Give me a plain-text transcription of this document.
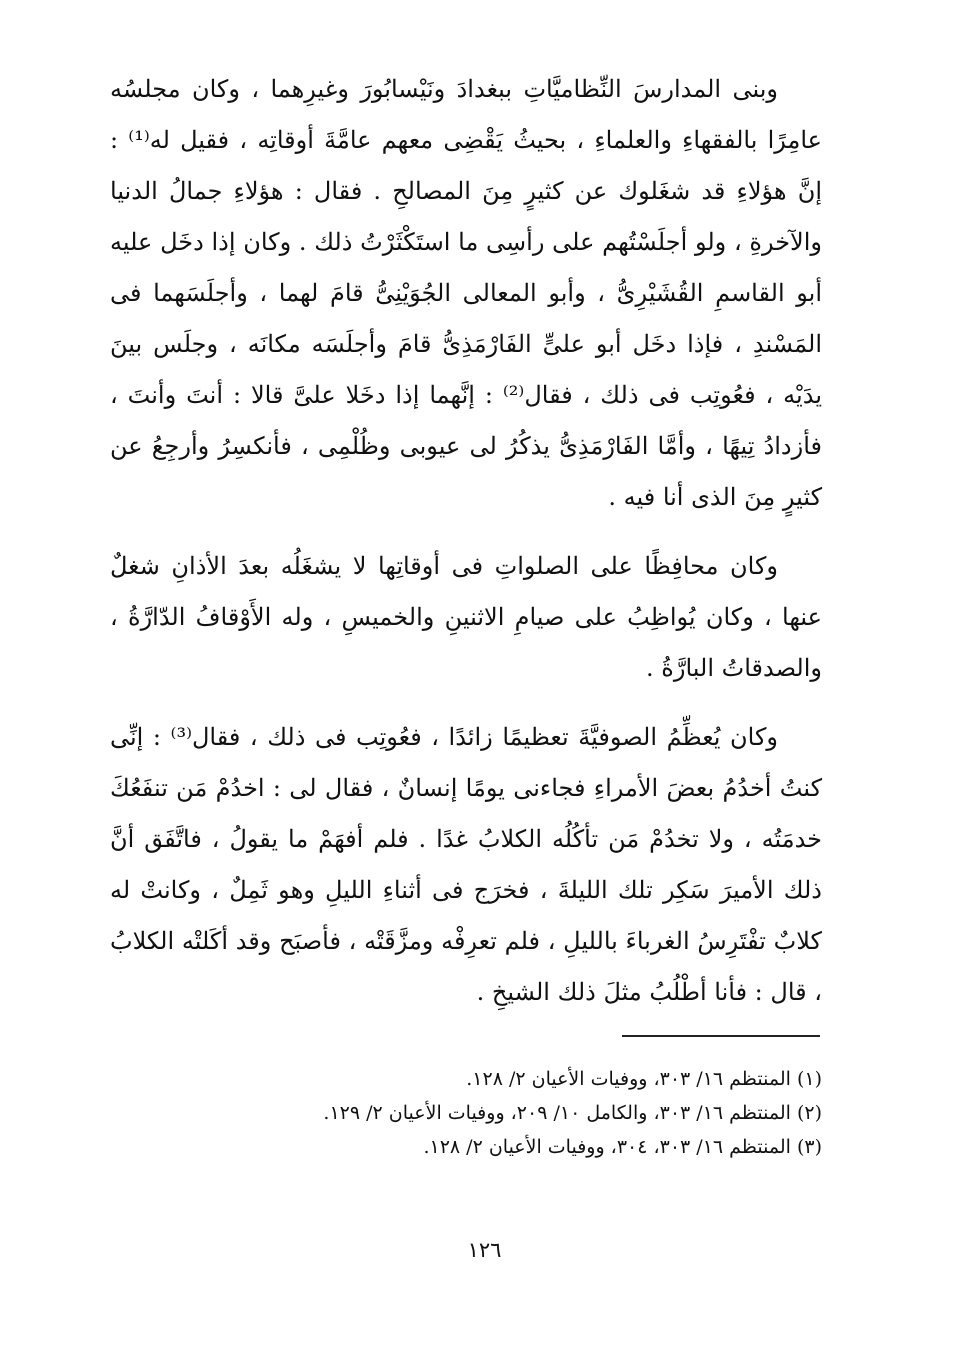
وبنى المدارسَ النِّظاميَّاتِ ببغدادَ ونَيْسابُورَ وغيرِهما ، وكان مجلسُه عامِرًا بالفقهاءِ والعلماءِ ، بحيثُ يَقْضِى معهم عامَّةَ أوقاتِه ، فقيل له⁽¹⁾ : إنَّ هؤلاءِ قد شغَلوك عن كثيرٍ مِنَ المصالحِ . فقال : هؤلاءِ جمالُ الدنيا والآخرةِ ، ولو أجلَسْتُهم على رأسِى ما استَكْثَرْتُ ذلك . وكان إذا دخَل عليه أبو القاسمِ القُشَيْرِىُّ ، وأبو المعالى الجُوَيْنِىُّ قامَ لهما ، وأجلَسَهما فى المَسْندِ ، فإذا دخَل أبو علىٍّ الفَارْمَذِىُّ قامَ وأجلَسَه مكانَه ، وجلَس بينَ يدَيْه ، فعُوتِب فى ذلك ، فقال⁽²⁾ : إنَّهما إذا دخَلا علىَّ قالا : أنتَ وأنتَ ، فأزدادُ تِيهًا ، وأمَّا الفَارْمَذِىُّ يذكُرُ لى عيوبى وظُلْمِى ، فأنكسِرُ وأرجِعُ عن كثيرٍ مِنَ الذى أنا فيه .

وكان محافِظًا على الصلواتِ فى أوقاتِها لا يشغَلُه بعدَ الأذانِ شغلٌ عنها ، وكان يُواظِبُ على صيامِ الاثنينِ والخميسِ ، وله الأَوْقافُ الدّارَّةُ ، والصدقاتُ البارَّةُ .

وكان يُعظِّمُ الصوفيَّةَ تعظيمًا زائدًا ، فعُوتِب فى ذلك ، فقال⁽³⁾ : إنِّى كنتُ أخدُمُ بعضَ الأمراءِ فجاءنى يومًا إنسانٌ ، فقال لى : اخدُمْ مَن تنفَعُكَ خدمَتُه ، ولا تخدُمْ مَن تأكُلُه الكلابُ غدًا . فلم أفهَمْ ما يقولُ ، فاتَّفَق أنَّ ذلك الأميرَ سَكِر تلك الليلةَ ، فخرَج فى أثناءِ الليلِ وهو ثَمِلٌ ، وكانتْ له كلابٌ تفْتَرِسُ الغرباءَ بالليلِ ، فلم تعرِفْه ومزَّقَتْه ، فأصبَح وقد أكَلتْه الكلابُ ، قال : فأنا أطْلُبُ مثلَ ذلك الشيخِ .

(١) المنتظم ١٦/ ٣٠٣، ووفيات الأعيان ٢/ ١٢٨.

(٢) المنتظم ١٦/ ٣٠٣، والكامل ١٠/ ٢٠٩، ووفيات الأعيان ٢/ ١٢٩.

(٣) المنتظم ١٦/ ٣٠٣، ٣٠٤، ووفيات الأعيان ٢/ ١٢٨.

١٢٦
